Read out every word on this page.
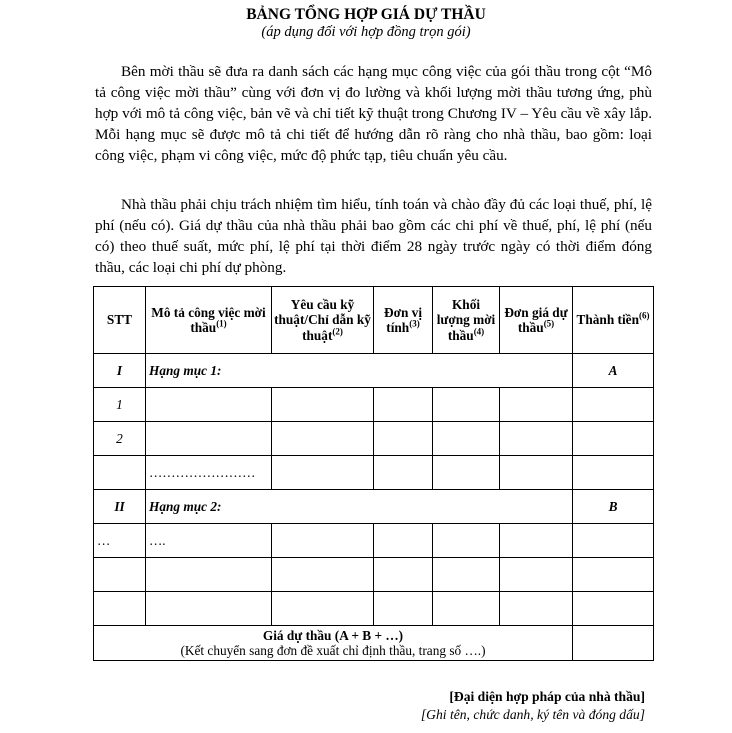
BẢNG TỔNG HỢP GIÁ DỰ THẦU
(áp dụng đối với hợp đồng trọn gói)

Bên mời thầu sẽ đưa ra danh sách các hạng mục công việc của gói thầu trong cột “Mô tả công việc mời thầu” cùng với đơn vị đo lường và khối lượng mời thầu tương ứng, phù hợp với mô tả công việc, bản vẽ và chỉ tiết kỹ thuật trong Chương IV – Yêu cầu về xây lắp. Mỗi hạng mục sẽ được mô tả chi tiết để hướng dẫn rõ ràng cho nhà thầu, bao gồm: loại công việc, phạm vi công việc, mức độ phức tạp, tiêu chuẩn yêu cầu.

Nhà thầu phải chịu trách nhiệm tìm hiểu, tính toán và chào đầy đủ các loại thuế, phí, lệ phí (nếu có). Giá dự thầu của nhà thầu phải bao gồm các chi phí về thuế, phí, lệ phí (nếu có) theo thuế suất, mức phí, lệ phí tại thời điểm 28 ngày trước ngày có thời điểm đóng thầu, các loại chi phí dự phòng.

STT	Mô tả công việc mời thầu$^{(1)}$	Yêu cầu kỹ thuật/Chỉ dẫn kỹ thuật$^{(2)}$	Đơn vị tính$^{(3)}$	Khối lượng mời thầu$^{(4)}$	Đơn giá dự thầu$^{(5)}$	Thành tiền$^{(6)}$
I	Hạng mục 1:					A
1						
2						
	……………………					
II	Hạng mục 2:					B
…	….					

Giá dự thầu (A + B + …)
(Kết chuyển sang đơn đề xuất chỉ định thầu, trang số ….)						

[Đại diện hợp pháp của nhà thầu]
[Ghi tên, chức danh, ký tên và đóng dấu]
